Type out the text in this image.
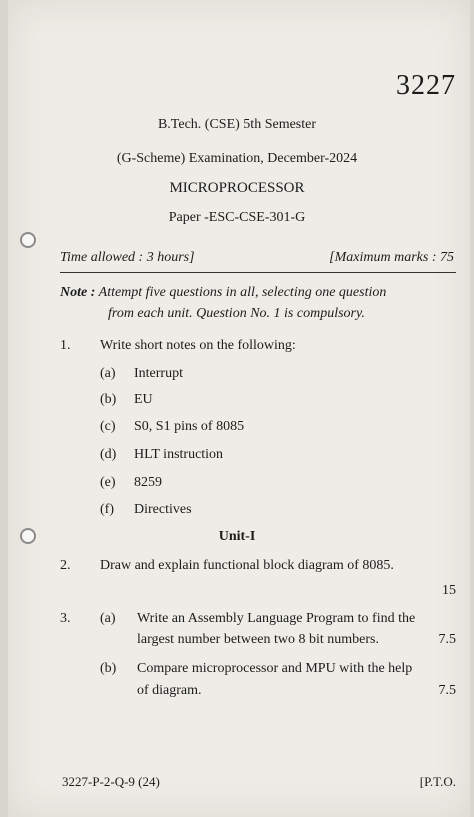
3227
B.Tech. (CSE) 5th Semester
(G-Scheme) Examination, December-2024
MICROPROCESSOR
Paper -ESC-CSE-301-G
Time allowed : 3 hours]	[Maximum marks : 75
Note : Attempt five questions in all, selecting one question
from each unit. Question No. 1 is compulsory.
1. Write short notes on the following:
(a) Interrupt
(b) EU
(c) S0, S1 pins of 8085
(d) HLT instruction
(e) 8259
(f) Directives
Unit-I
2. Draw and explain functional block diagram of 8085.
15
3. (a) Write an Assembly Language Program to find the
largest number between two 8 bit numbers.	7.5
(b) Compare microprocessor and MPU with the help
of diagram.	7.5
3227-P-2-Q-9 (24)	[P.T.O.
